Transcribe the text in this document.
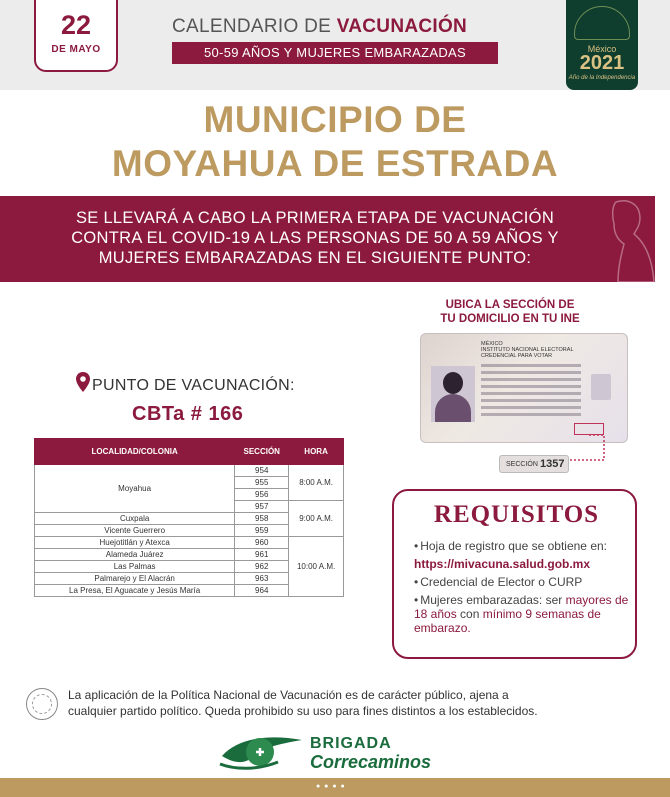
22
DE MAYO
CALENDARIO DE VACUNACIÓN
50-59 AÑOS Y MUJERES EMBARAZADAS	México
2021
Año de la Independencia
MUNICIPIO DE
MOYAHUA DE ESTRADA
SE LLEVARÁ A CABO LA PRIMERA ETAPA DE VACUNACIÓN
CONTRA EL COVID-19 A LAS PERSONAS DE 50 A 59 AÑOS Y
MUJERES EMBARAZADAS EN EL SIGUIENTE PUNTO:
PUNTO DE VACUNACIÓN:
CBTa # 166
LOCALIDAD/COLONIA	SECCIÓN	HORA
Moyahua	954	8:00 A.M.
	955	
	956	
	957	9:00 A.M.
Cuxpala	958	
Vicente Guerrero	959	
Huejotitlán y Atexca	960	10:00 A.M.
Alameda Juárez	961	
Las Palmas	962	
Palmarejo y El Alacrán	963	
La Presa, El Aguacate y Jesús María	964	
UBICA LA SECCIÓN DE
TU DOMICILIO EN TU INE
MÉXICO
INSTITUTO NACIONAL ELECTORAL
CREDENCIAL PARA VOTAR
SECCIÓN 1357
REQUISITOS
• Hoja de registro que se obtiene en:
https://mivacuna.salud.gob.mx
• Credencial de Elector o CURP
• Mujeres embarazadas: ser mayores de 18 años con mínimo 9 semanas de embarazo.
La aplicación de la Política Nacional de Vacunación es de carácter público, ajena a
cualquier partido político. Queda prohibido su uso para fines distintos a los establecidos.
BRIGADA
Correcaminos
● ● ● ●
